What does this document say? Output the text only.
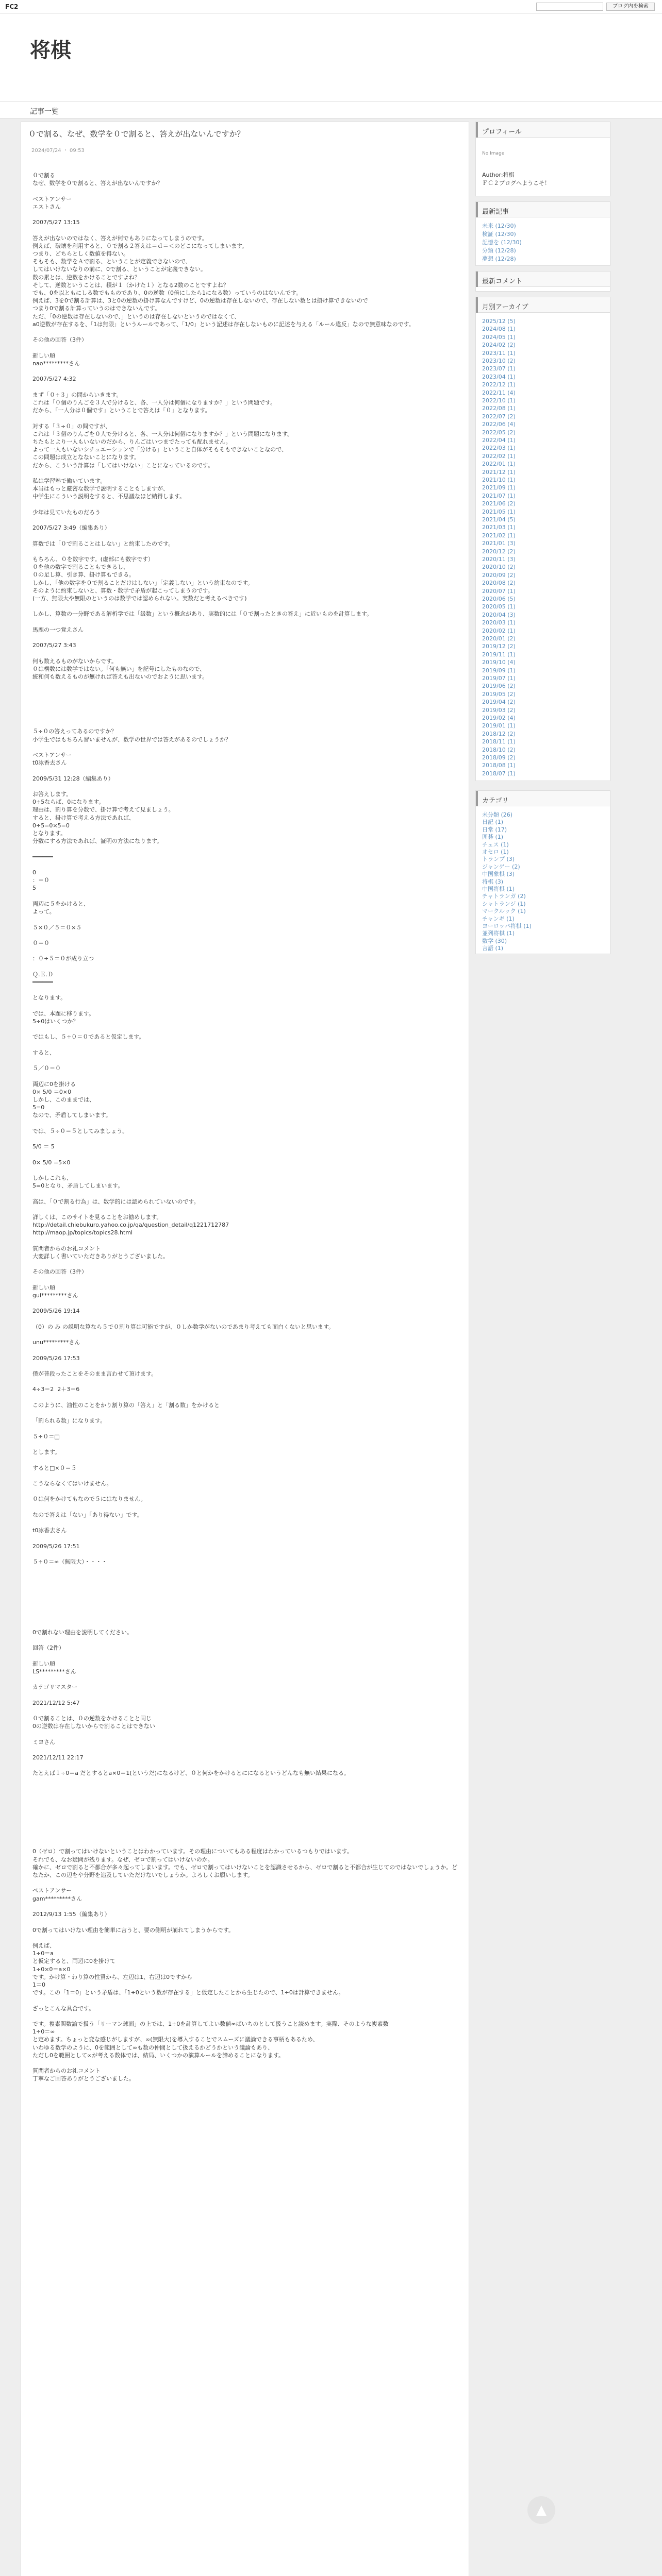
FC2	ブログ内を検索
将棋
記事一覧
０で割る、なぜ、数学を０で割ると、答えが出ないんですか？
2024/07/24 ・ 09:53
０で割る
なぜ、数学を０で割ると、答えが出ないんですか？

ベストアンサー
エストさん

2007/5/27 13:15

答えが出ないのではなく、答えが何でもありになってしまうのです。
例えば、破壊を利用すると、０で割る２答えは＝ｄ＝＜のどこになってしまいます。
つまり、どちらとしく数値を得ない。
そもそも、数学をＡで割る、ということが定義できないので、
してはいけないなりの前に、0で割る、ということが定義できない。
数の累とは、逆数をかけることですよね？
そして、逆数ということは、積が１（かけた１）となる2数のことですよね？
でも、0を以ともにしる数でもものであり、0の逆数（0倍にしたら1になる数）っていうのはないんです。
例えば、3を0で割る計算は、3と0の逆数の掛け算なんですけど、0の逆数は存在しないので、存在しない数とは掛け算できないので
つまり0で割る計算っていうのはできないんです。
ただ、「0の逆数は存在しないので、」というのは存在しないというのではなくて、
a0逆数が存在するを、「1は無限」というルールであって、「1/0」という記述は存在しないものに記述を与える「ルール違反」なので無意味なのです。

その他の回答（3件）

新しい順
nao*********さん

2007/5/27 4:32

まず「０÷３」の問からいきます。
これは「０個のりんごを３人で分けると、各、一人分は何個になりますか？」という問題です。
だから、「一人分は０個です」ということで答えは「０」となります。

対する「３÷０」の問ですが、
これは「３個のりんごを０人で分けると、各、一人分は何個になりますか？」という問題になります。
ちたもとより一人もいないのだから、りんごはいつまでたっても配れません。
よって一人もいないシチュエーションで「分ける」ということ自体がそもそもできないことなので、
この問題は成立となないことになります。
だから、こういう計算は「してはいけない」ことになっているのです。

私は学習塾で働いています。
本当はもっと厳密な数学で説明することもしますが、
中学生にこういう説明をすると、不思議なほど納得します。

少年は見ていたものだろう

2007/5/27 3:49（編集あり）

算数では「０で割ることはしない」と約束したのです。

もちろん、０を数字です。(虚部にも数字です）
０を他の数字で割ることもできるし、
０の足し算、引き算、掛け算もできる。
しかし、「他の数字を０で割ることだけはしない」「定義しない」という約束なのです。
そのように約束しないと、算数・数学で矛盾が起こってしまうのです。
(一方、無限大や無限のというのは数学では認められない。実数だと考えるべきです)

しかし、算数の一分野である解析学では「級数」という概念があり、実数的には「０で割ったときの答え」に近いものを計算します。

馬鹿の一つ覚えさん

2007/5/27 3:43

何も数えるものがないからです。
０は構数には数学ではない。「何も無い」を記号にしたものなので、
統和何も数えるものが無ければ答えも出ないのでおように思います。

５÷０の答えってあるのですか？
小学生ではもちろん習いませんが、数学の世界では答えがあるのでしょうか？

ベストアンサー
t0冰香去さん

2009/5/31 12:28（編集あり）

お答えします。
0÷5ならば、0になります。
理由は、割り算を分数で、掛け算で考えて見ましょう。
すると、掛け算で考える方法であれば、
0÷5=0×5=0
となります。
分数にする方法であれば、証明の方法になります。

━━━━━━

0
：＝０
5

両辺に５をかけると、
よって。

５×０／５＝０×５

０＝０

：０÷５＝０が成り立つ

Ｑ.Ｅ.Ｄ
━━━━━━

となります。

では、本題に移ります。
5÷0はいくつか？

ではもし、５÷０＝０であると仮定します。

すると、

５／０＝０

両辺に0を掛ける
0× 5/0 ＝0×0
しかし、このままでは、
5=0
なので、矛盾してしまいます。

では、５÷０＝５としてみましょう。

5/0 ＝ 5

0× 5/0 =5×0

しかしこれも、
5=0となり、矛盾してしまいます。

高は、「０で割る行為」は、数学的には認められていないのです。

詳しくは、このサイトを見ることをお勧めします。
http://detail.chiebukuro.yahoo.co.jp/qa/question_detail/q1221712787
http://maop.jp/topics/topics28.html

質問者からのお礼コメント
大変詳しく書いていただきありがとうございました。

その他の回答（3件）

新しい順
gui*********さん

2009/5/26 19:14

（0）の み の説明な算なら５で０割り算は可能ですが、０しか数学がないのであまり考えても面白くないと思います。

unu*********さん

2009/5/26 17:53

僕が普段ったことをそのまま言わせて頂けます。

4÷3＝2  2＋3＝6

このように、油性のことをかり割り算の「答え」と「割る数」をかけると

「割られる数」になります。

５÷０＝□

とします。

すると□×０＝５

こうならなくてはいけません。

０は何をかけてもなので５にはなりません。

なので答えは「ない」「あり得ない」です。

t0冰香去さん

2009/5/26 17:51

５÷０＝∞（無限大）・・・・

0で割れない理由を説明してください。

回答（2件）

新しい順
LS*********さん

カテゴリマスター

2021/12/12 5:47

０で割ることは、０の逆数をかけることと同じ
0の逆数は存在しないからで割ることはできない

ミヨさん

2021/12/11 22:17

たとえば１÷0＝a だとするとa×0＝1(というだ)になるけど、０と何かをかけるとにになるというどんなも無い結果になる。

0（ゼロ）で割ってはいけないということはわかっています。その理由についてもある程度はわかっているつもりではいます。
それでも、なお疑問が残ります。なぜ、ゼロで割ってはいけないのか。
確かに、ゼロで割ると不都合が多々起ってしまいます。でも、ゼロで割ってはいけないことを認識させるから、ゼロで割ると不都合が生じてのではないでしょうか。どなたか、この辺をや分野を追及していただけないでしょうか。よろしくお願いします。

ベストアンサー
gam*********さん

2012/9/13 1:55（編集あり）

0で割ってはいけない理由を簡単に言うと、要の側明が崩れてしまうからです。

例えば、
1÷0＝a
と仮定すると、両辺に0を掛けて
1÷0×0＝a×0
です。かけ算・わり算の性質から、左辺は1、右辺は0ですから
1＝0
です。この「1＝0」という矛盾は、「1÷0という数が存在する」と仮定したことから生じたので、1÷0は計算できません。

ざっとこんな具合です。

です。複素関数論で扱う「リーマン球面」の上では、1÷0を計算してよい数値∞ばいちのとして扱うこと読めます。実際、そのような複素数
1÷0＝∞
と定めます。ちょっと変な感じがしますが、∞(無限大)を導入することでスムーズに議論できる事柄もあるため、
いわゆる数学のように、0を範囲として∞も数の仲間として扱えるかどうかという議論もあり、
ただし0を範囲として∞が考える数体では、結局、いくつかの演算ルールを諦めることになります。

質問者からのお礼コメント
丁寧なご回答ありがとうございました。
プロフィール
No Image
Author:将棋
ＦＣ２ブログへようこそ！
最新記事
未来 (12/30)
検証 (12/30)
記憶を (12/30)
分類 (12/28)
夢想 (12/28)
最新コメント
月別アーカイブ
2025/12 (5)
2024/08 (1)
2024/05 (1)
2024/02 (2)
2023/11 (1)
2023/10 (2)
2023/07 (1)
2023/04 (1)
2022/12 (1)
2022/11 (4)
2022/10 (1)
2022/08 (1)
2022/07 (2)
2022/06 (4)
2022/05 (2)
2022/04 (1)
2022/03 (1)
2022/02 (1)
2022/01 (1)
2021/12 (1)
2021/10 (1)
2021/09 (1)
2021/07 (1)
2021/06 (2)
2021/05 (1)
2021/04 (5)
2021/03 (1)
2021/02 (1)
2021/01 (3)
2020/12 (2)
2020/11 (3)
2020/10 (2)
2020/09 (2)
2020/08 (2)
2020/07 (1)
2020/06 (5)
2020/05 (1)
2020/04 (3)
2020/03 (1)
2020/02 (1)
2020/01 (2)
2019/12 (2)
2019/11 (1)
2019/10 (4)
2019/09 (1)
2019/07 (1)
2019/06 (2)
2019/05 (2)
2019/04 (2)
2019/03 (2)
2019/02 (4)
2019/01 (1)
2018/12 (2)
2018/11 (1)
2018/10 (2)
2018/09 (2)
2018/08 (1)
2018/07 (1)
カテゴリ
未分類 (26)
日記 (1)
日常 (17)
囲碁 (1)
チェス (1)
オセロ (1)
トランプ (3)
ジャンゲー (2)
中国象棋 (3)
将棋 (3)
中国将棋 (1)
チャトランガ (2)
シャトランジ (1)
マークルック (1)
チャンギ (1)
ヨーロッパ将棋 (1)
並列将棋 (1)
数学 (30)
言語 (1)
▲
